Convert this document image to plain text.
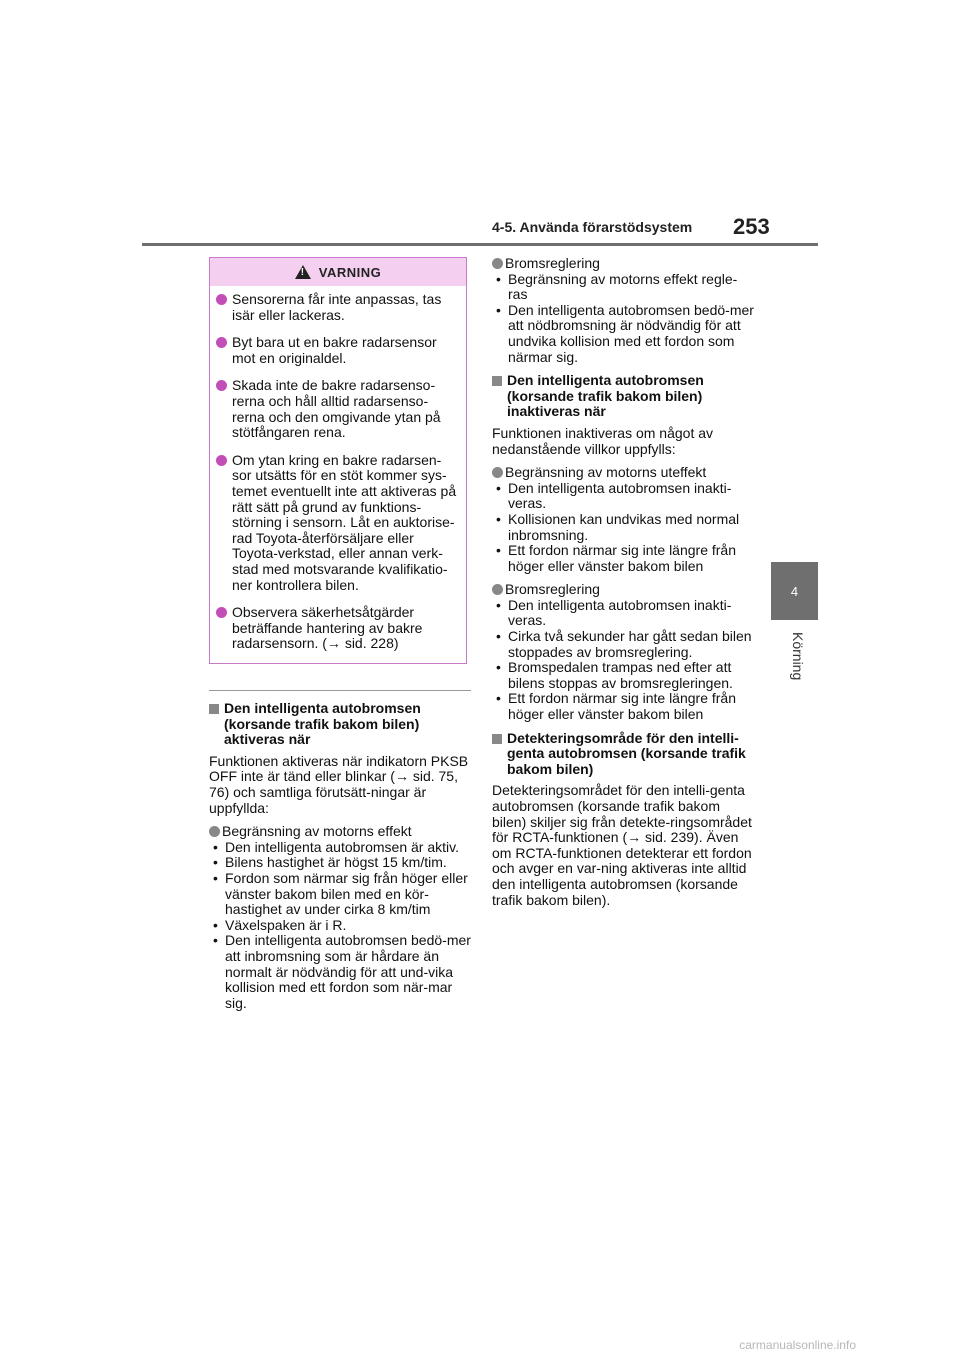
4-5. Använda förarstödsystem 253
4
Körning
!
VARNING
Sensorerna får inte anpassas, tas isär eller lackeras.
Byt bara ut en bakre radarsensor mot en originaldel.
Skada inte de bakre radarsenso-rerna och håll alltid radarsenso-rerna och den omgivande ytan på stötfångaren rena.
Om ytan kring en bakre radarsen-sor utsätts för en stöt kommer sys-temet eventuellt inte att aktiveras på rätt sätt på grund av funktions-störning i sensorn. Låt en auktorise-rad Toyota-återförsäljare eller Toyota-verkstad, eller annan verk-stad med motsvarande kvalifikatio-ner kontrollera bilen.
Observera säkerhetsåtgärder beträffande hantering av bakre radarsensorn. (→ sid. 228)
Den intelligenta autobromsen (korsande trafik bakom bilen) aktiveras när
Funktionen aktiveras när indikatorn PKSB OFF inte är tänd eller blinkar (→ sid. 75, 76) och samtliga förutsätt-ningar är uppfyllda:
Begränsning av motorns effekt
• Den intelligenta autobromsen är aktiv.
• Bilens hastighet är högst 15 km/tim.
• Fordon som närmar sig från höger eller vänster bakom bilen med en kör-hastighet av under cirka 8 km/tim
• Växelspaken är i R.
• Den intelligenta autobromsen bedö-mer att inbromsning som är hårdare än normalt är nödvändig för att und-vika kollision med ett fordon som när-mar sig.
Bromsreglering
• Begränsning av motorns effekt regle-ras
• Den intelligenta autobromsen bedö-mer att nödbromsning är nödvändig för att undvika kollision med ett fordon som närmar sig.
Den intelligenta autobromsen (korsande trafik bakom bilen) inaktiveras när
Funktionen inaktiveras om något av nedanstående villkor uppfylls:
Begränsning av motorns uteffekt
• Den intelligenta autobromsen inakti-veras.
• Kollisionen kan undvikas med normal inbromsning.
• Ett fordon närmar sig inte längre från höger eller vänster bakom bilen
Bromsreglering
• Den intelligenta autobromsen inakti-veras.
• Cirka två sekunder har gått sedan bilen stoppades av bromsreglering.
• Bromspedalen trampas ned efter att bilens stoppas av bromsregleringen.
• Ett fordon närmar sig inte längre från höger eller vänster bakom bilen
Detekteringsområde för den intelli-genta autobromsen (korsande trafik bakom bilen)
Detekteringsområdet för den intelli-genta autobromsen (korsande trafik bakom bilen) skiljer sig från detekte-ringsområdet för RCTA-funktionen (→ sid. 239). Även om RCTA-funktionen detekterar ett fordon och avger en var-ning aktiveras inte alltid den intelligenta autobromsen (korsande trafik bakom bilen).
carmanualsonline.info
